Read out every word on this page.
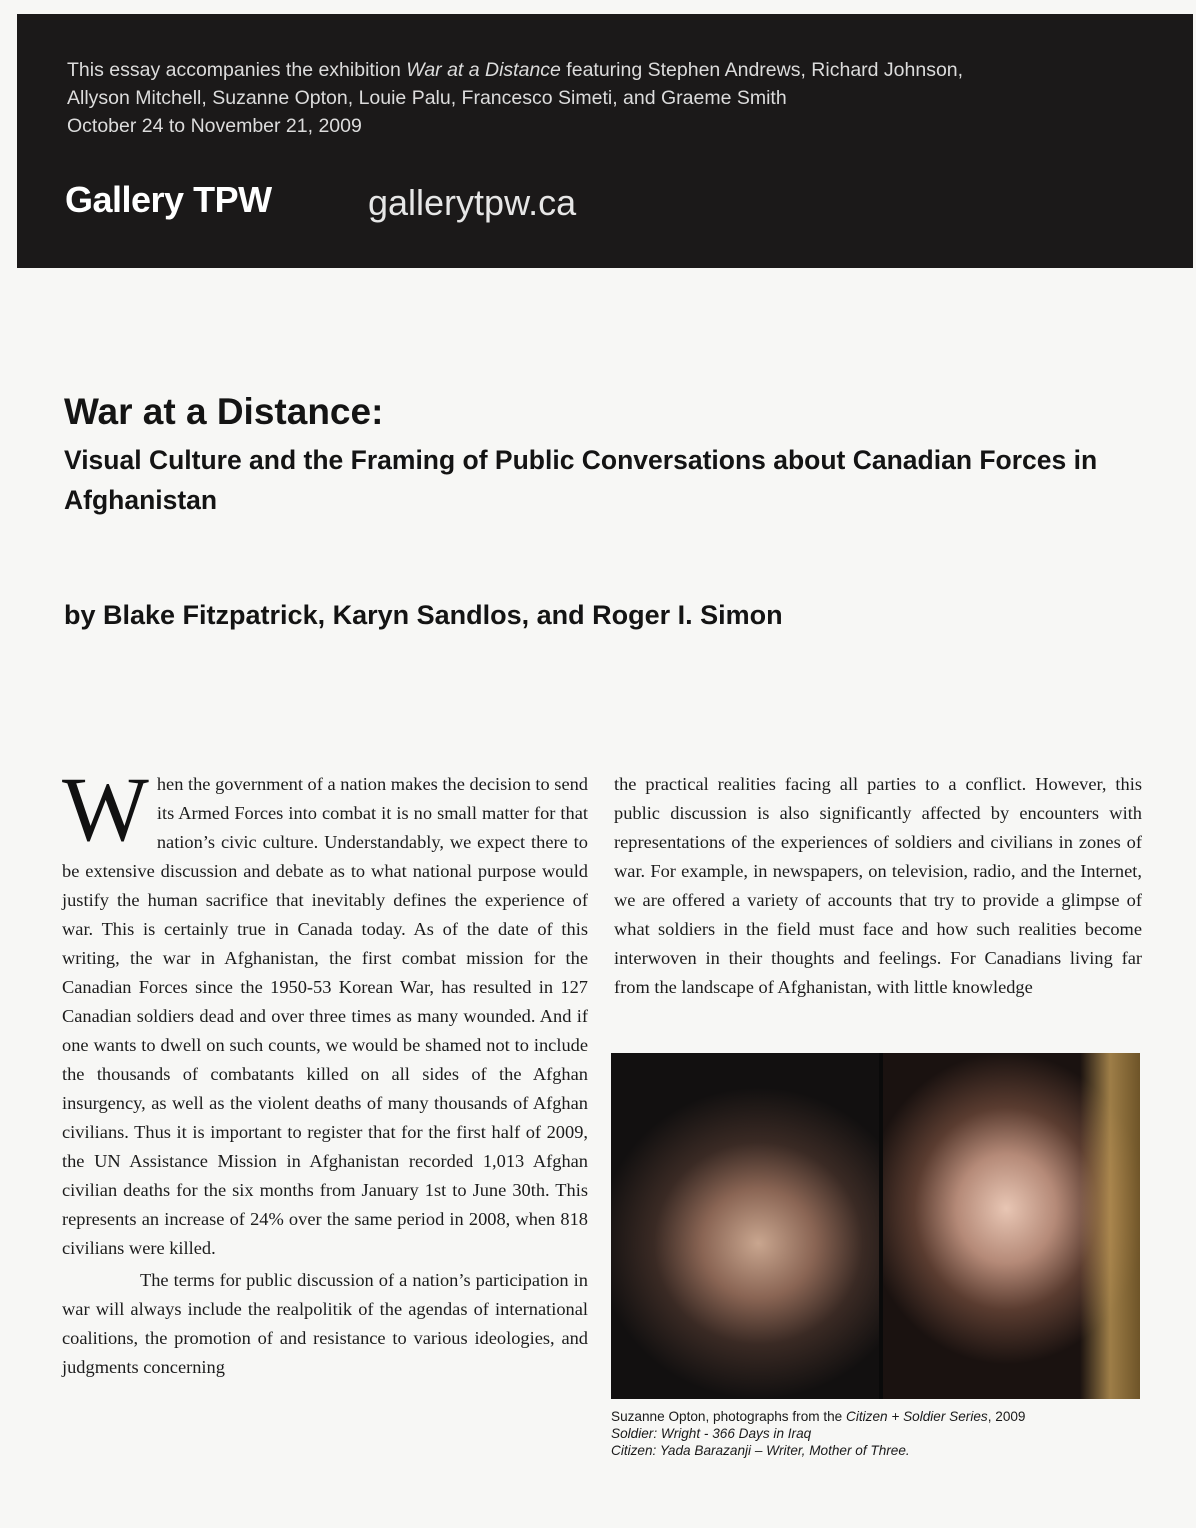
This essay accompanies the exhibition War at a Distance featuring Stephen Andrews, Richard Johnson,
Allyson Mitchell, Suzanne Opton, Louie Palu, Francesco Simeti, and Graeme Smith
October 24 to November 21, 2009
Gallery TPW	gallerytpw.ca
War at a Distance:
Visual Culture and the Framing of Public Conversations about Canadian Forces in Afghanistan
by Blake Fitzpatrick, Karyn Sandlos, and Roger I. Simon

When the government of a nation makes the decision to send its Armed Forces into combat it is no small matter for that nation’s civic culture. Understandably, we expect there to be extensive discussion and debate as to what national purpose would justify the human sacrifice that inevitably defines the experience of war. This is certainly true in Canada today. As of the date of this writing, the war in Afghanistan, the first combat mission for the Canadian Forces since the 1950-53 Korean War, has resulted in 127 Canadian soldiers dead and over three times as many wounded. And if one wants to dwell on such counts, we would be shamed not to include the thousands of combatants killed on all sides of the Afghan insurgency, as well as the violent deaths of many thousands of Afghan civilians. Thus it is important to register that for the first half of 2009, the UN Assistance Mission in Afghanistan recorded 1,013 Afghan civilian deaths for the six months from January 1st to June 30th. This represents an increase of 24% over the same period in 2008, when 818 civilians were killed.

The terms for public discussion of a nation’s participation in war will always include the realpolitik of the agendas of international coalitions, the promotion of and resistance to various ideologies, and judgments concerning

the practical realities facing all parties to a conflict. However, this public discussion is also significantly affected by encounters with representations of the experiences of soldiers and civilians in zones of war. For example, in newspapers, on television, radio, and the Internet, we are offered a variety of accounts that try to provide a glimpse of what soldiers in the field must face and how such realities become interwoven in their thoughts and feelings. For Canadians living far from the landscape of Afghanistan, with little knowledge

Suzanne Opton, photographs from the Citizen + Soldier Series, 2009
Soldier: Wright - 366 Days in Iraq
Citizen: Yada Barazanji – Writer, Mother of Three.
